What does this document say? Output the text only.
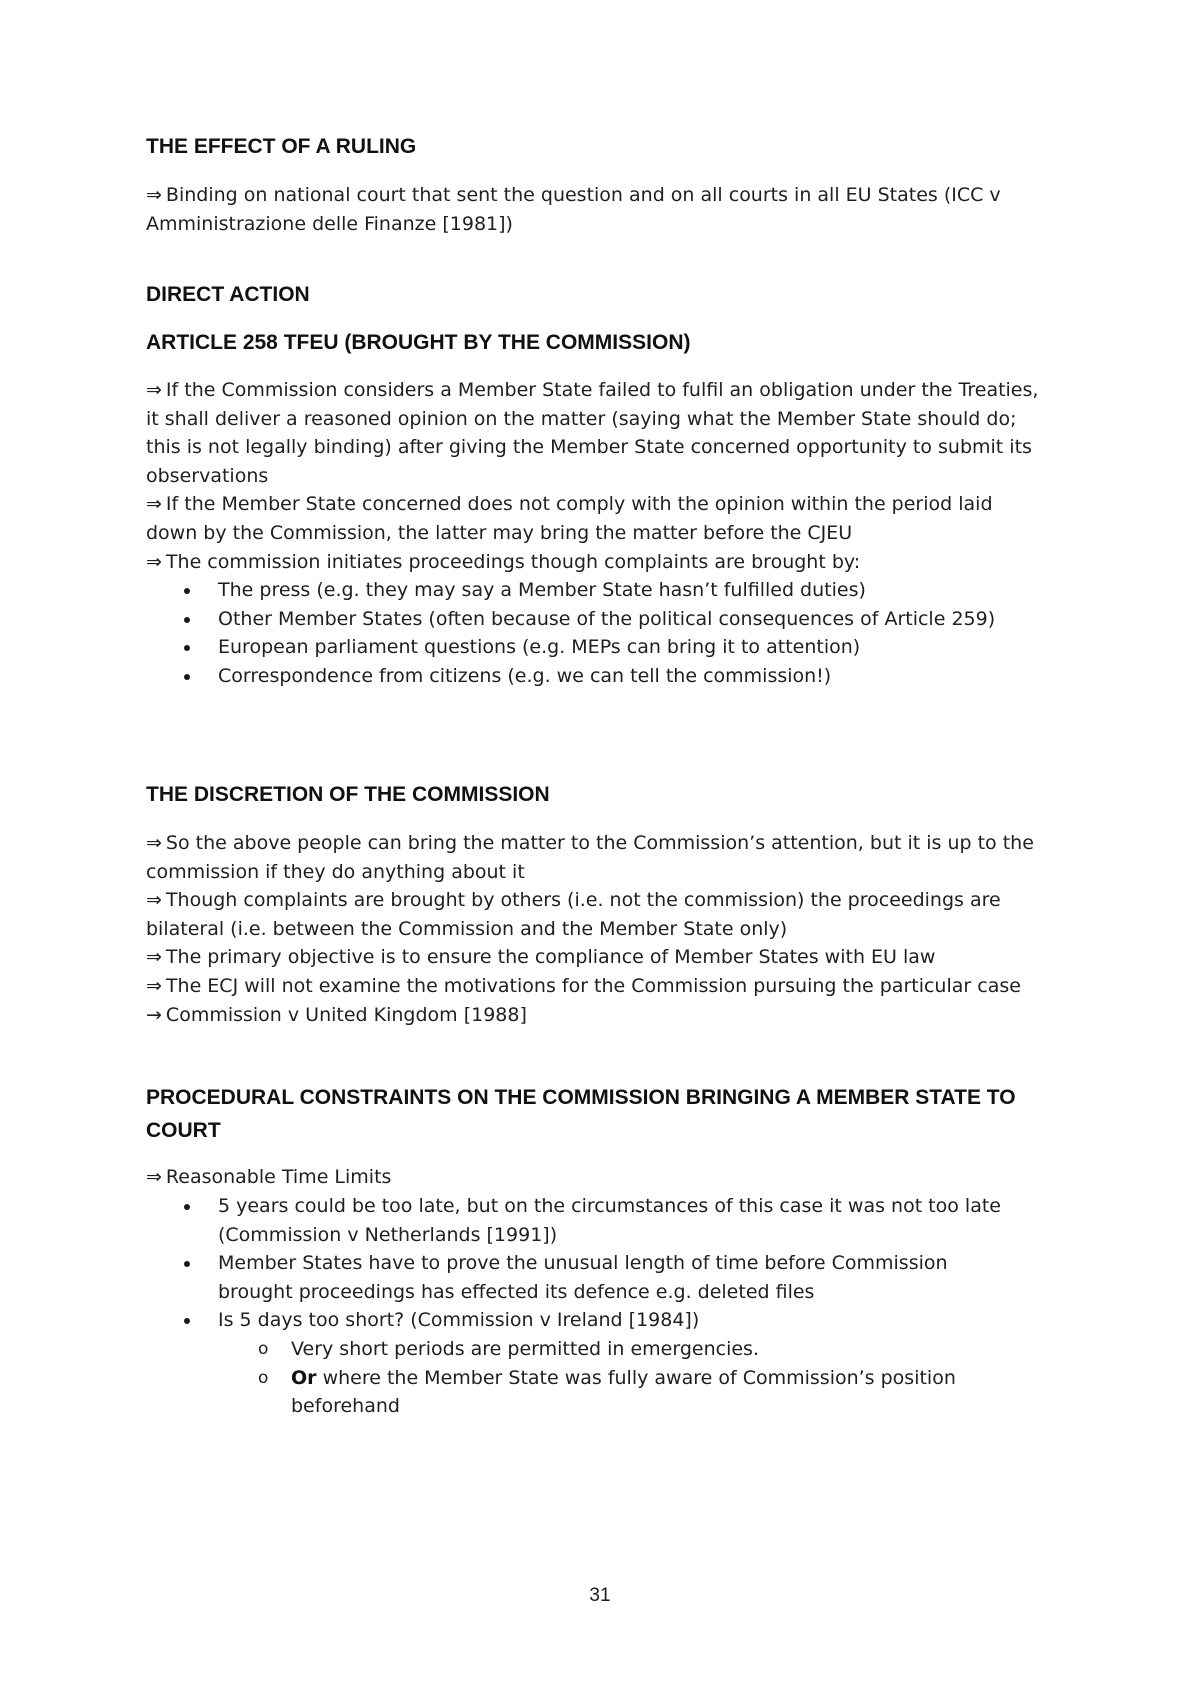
THE EFFECT OF A RULING
⇒ Binding on national court that sent the question and on all courts in all EU States (ICC v
Amministrazione delle Finanze [1981])
DIRECT ACTION
ARTICLE 258 TFEU (BROUGHT BY THE COMMISSION)
⇒ If the Commission considers a Member State failed to fulfil an obligation under the Treaties,
it shall deliver a reasoned opinion on the matter (saying what the Member State should do;
this is not legally binding) after giving the Member State concerned opportunity to submit its
observations
⇒ If the Member State concerned does not comply with the opinion within the period laid
down by the Commission, the latter may bring the matter before the CJEU
⇒ The commission initiates proceedings though complaints are brought by:
The press (e.g. they may say a Member State hasn’t fulfilled duties)
Other Member States (often because of the political consequences of Article 259)
European parliament questions (e.g. MEPs can bring it to attention)
Correspondence from citizens (e.g. we can tell the commission!)
THE DISCRETION OF THE COMMISSION
⇒ So the above people can bring the matter to the Commission’s attention, but it is up to the
commission if they do anything about it
⇒ Though complaints are brought by others (i.e. not the commission) the proceedings are
bilateral (i.e. between the Commission and the Member State only)
⇒ The primary objective is to ensure the compliance of Member States with EU law
⇒ The ECJ will not examine the motivations for the Commission pursuing the particular case
→ Commission v United Kingdom [1988]
PROCEDURAL CONSTRAINTS ON THE COMMISSION BRINGING A MEMBER STATE TO
COURT
⇒ Reasonable Time Limits
5 years could be too late, but on the circumstances of this case it was not too late
(Commission v Netherlands [1991])
Member States have to prove the unusual length of time before Commission
brought proceedings has effected its defence e.g. deleted files
Is 5 days too short? (Commission v Ireland [1984])
o Very short periods are permitted in emergencies.
o Or where the Member State was fully aware of Commission’s position
beforehand
31
